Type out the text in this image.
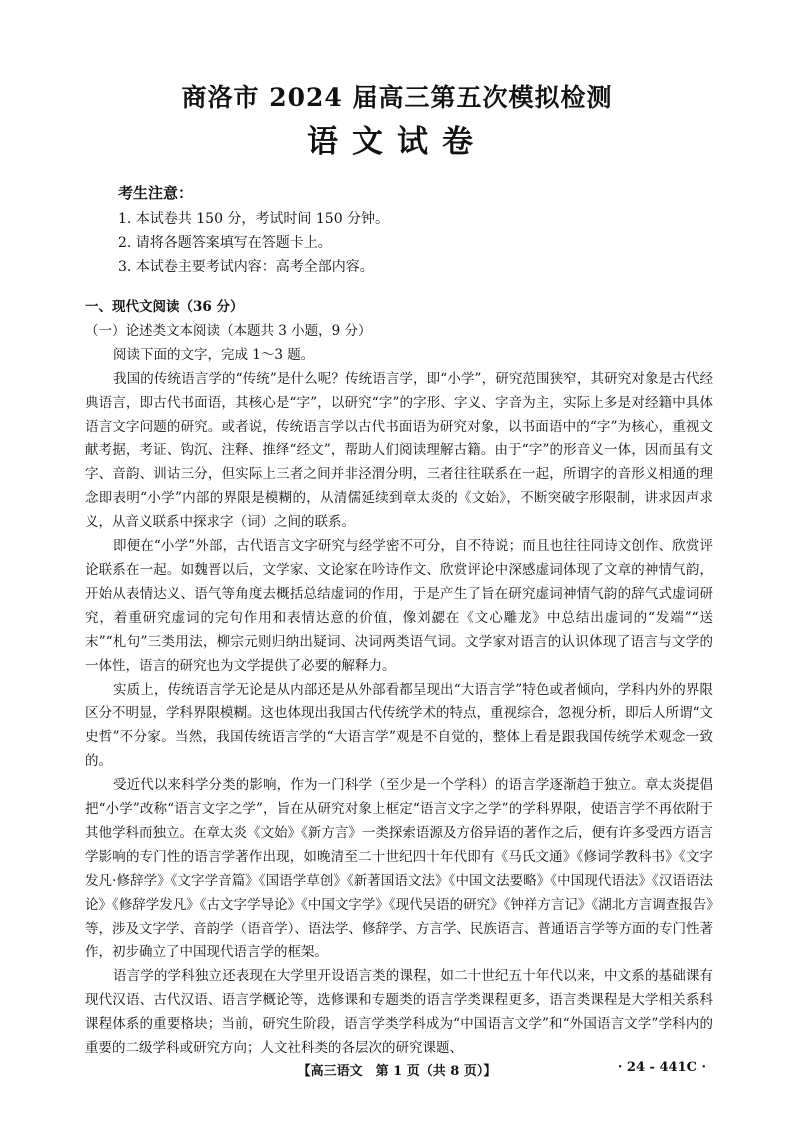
商洛市 2024 届高三第五次模拟检测
语文试卷
考生注意：
1. 本试卷共 150 分，考试时间 150 分钟。
2. 请将各题答案填写在答题卡上。
3. 本试卷主要考试内容：高考全部内容。

一、现代文阅读（36 分）

（一）论述类文本阅读（本题共 3 小题，9 分）

阅读下面的文字，完成 1～3 题。

我国的传统语言学的“传统”是什么呢？传统语言学，即“小学”，研究范围狭窄，其研究对象是古代经典语言，即古代书面语，其核心是“字”，以研究“字”的字形、字义、字音为主，实际上多是对经籍中具体语言文字问题的研究。或者说，传统语言学以古代书面语为研究对象，以书面语中的“字”为核心，重视文献考据，考证、钩沉、注释、推绎“经文”，帮助人们阅读理解古籍。由于“字”的形音义一体，因而虽有文字、音韵、训诂三分，但实际上三者之间并非泾渭分明，三者往往联系在一起，所谓字的音形义相通的理念即表明“小学”内部的界限是模糊的，从清儒延续到章太炎的《文始》，不断突破字形限制，讲求因声求义，从音义联系中探求字（词）之间的联系。

即便在“小学”外部，古代语言文字研究与经学密不可分，自不待说；而且也往往同诗文创作、欣赏评论联系在一起。如魏晋以后，文学家、文论家在吟诗作文、欣赏评论中深感虚词体现了文章的神情气韵，开始从表情达义、语气等角度去概括总结虚词的作用，于是产生了旨在研究虚词神情气韵的辞气式虚词研究，着重研究虚词的完句作用和表情达意的价值，像刘勰在《文心雕龙》中总结出虚词的“发端”“送末”“札句”三类用法，柳宗元则归纳出疑词、决词两类语气词。文学家对语言的认识体现了语言与文学的一体性，语言的研究也为文学提供了必要的解释力。

实质上，传统语言学无论是从内部还是从外部看都呈现出“大语言学”特色或者倾向，学科内外的界限区分不明显，学科界限模糊。这也体现出我国古代传统学术的特点，重视综合，忽视分析，即后人所谓“文史哲”不分家。当然，我国传统语言学的“大语言学”观是不自觉的，整体上看是跟我国传统学术观念一致的。

受近代以来科学分类的影响，作为一门科学（至少是一个学科）的语言学逐渐趋于独立。章太炎提倡把“小学”改称“语言文字之学”，旨在从研究对象上框定“语言文字之学”的学科界限，使语言学不再依附于其他学科而独立。在章太炎《文始》《新方言》一类探索语源及方俗异语的著作之后，便有许多受西方语言学影响的专门性的语言学著作出现，如晚清至二十世纪四十年代即有《马氏文通》《修词学教科书》《文字发凡·修辞学》《文字学音篇》《国语学草创》《新著国语文法》《中国文法要略》《中国现代语法》《汉语语法论》《修辞学发凡》《古文字学导论》《中国文字学》《现代吴语的研究》《钟祥方言记》《湖北方言调查报告》等，涉及文字学、音韵学（语音学）、语法学、修辞学、方言学、民族语言、普通语言学等方面的专门性著作，初步确立了中国现代语言学的框架。

语言学的学科独立还表现在大学里开设语言类的课程，如二十世纪五十年代以来，中文系的基础课有现代汉语、古代汉语、语言学概论等，选修课和专题类的语言学类课程更多，语言类课程是大学相关系科课程体系的重要格块；当前，研究生阶段，语言学类学科成为“中国语言文学”和“外国语言文学”学科内的重要的二级学科或研究方向；人文社科类的各层次的研究课题、

【高三语文　第 1 页（共 8 页）】	· 24 - 441C ·
